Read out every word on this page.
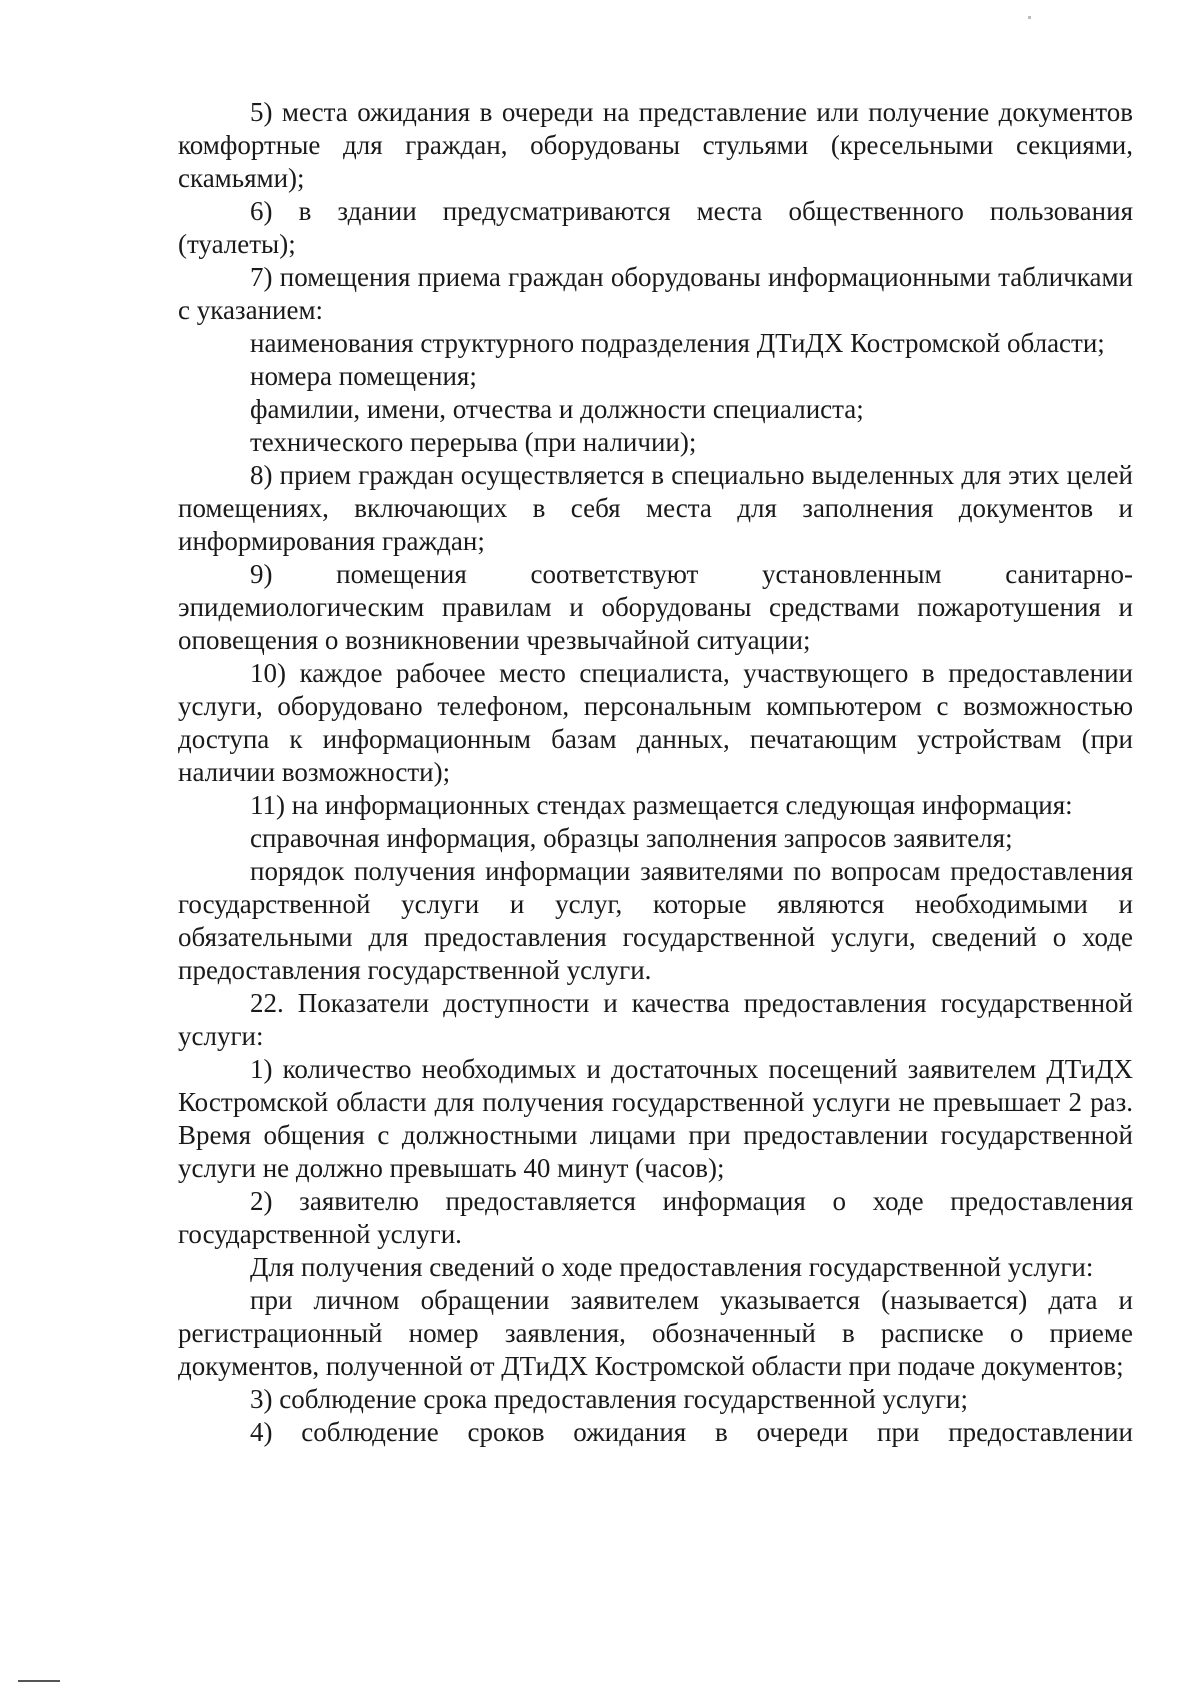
5) места ожидания в очереди на представление или получение документов комфортные для граждан, оборудованы стульями (кресельными секциями, скамьями);

6) в здании предусматриваются места общественного пользования (туалеты);

7) помещения приема граждан оборудованы информационными табличками с указанием:

наименования структурного подразделения ДТиДХ Костромской области;

номера помещения;

фамилии, имени, отчества и должности специалиста;

технического перерыва (при наличии);

8) прием граждан осуществляется в специально выделенных для этих целей помещениях, включающих в себя места для заполнения документов и информирования граждан;

9) помещения соответствуют установленным санитарно-эпидемиологическим правилам и оборудованы средствами пожаротушения и оповещения о возникновении чрезвычайной ситуации;

10) каждое рабочее место специалиста, участвующего в предоставлении услуги, оборудовано телефоном, персональным компьютером с возможностью доступа к информационным базам данных, печатающим устройствам (при наличии возможности);

11) на информационных стендах размещается следующая информация:

справочная информация, образцы заполнения запросов заявителя;

порядок получения информации заявителями по вопросам предоставления государственной услуги и услуг, которые являются необходимыми и обязательными для предоставления государственной услуги, сведений о ходе предоставления государственной услуги.

22. Показатели доступности и качества предоставления государственной услуги:

1) количество необходимых и достаточных посещений заявителем ДТиДХ Костромской области для получения государственной услуги не превышает 2 раз. Время общения с должностными лицами при предоставлении государственной услуги не должно превышать 40 минут (часов);

2) заявителю предоставляется информация о ходе предоставления государственной услуги.

Для получения сведений о ходе предоставления государственной услуги:

при личном обращении заявителем указывается (называется) дата и регистрационный номер заявления, обозначенный в расписке о приеме документов, полученной от ДТиДХ Костромской области при подаче документов;

3) соблюдение срока предоставления государственной услуги;

4) соблюдение сроков ожидания в очереди при предоставлении
